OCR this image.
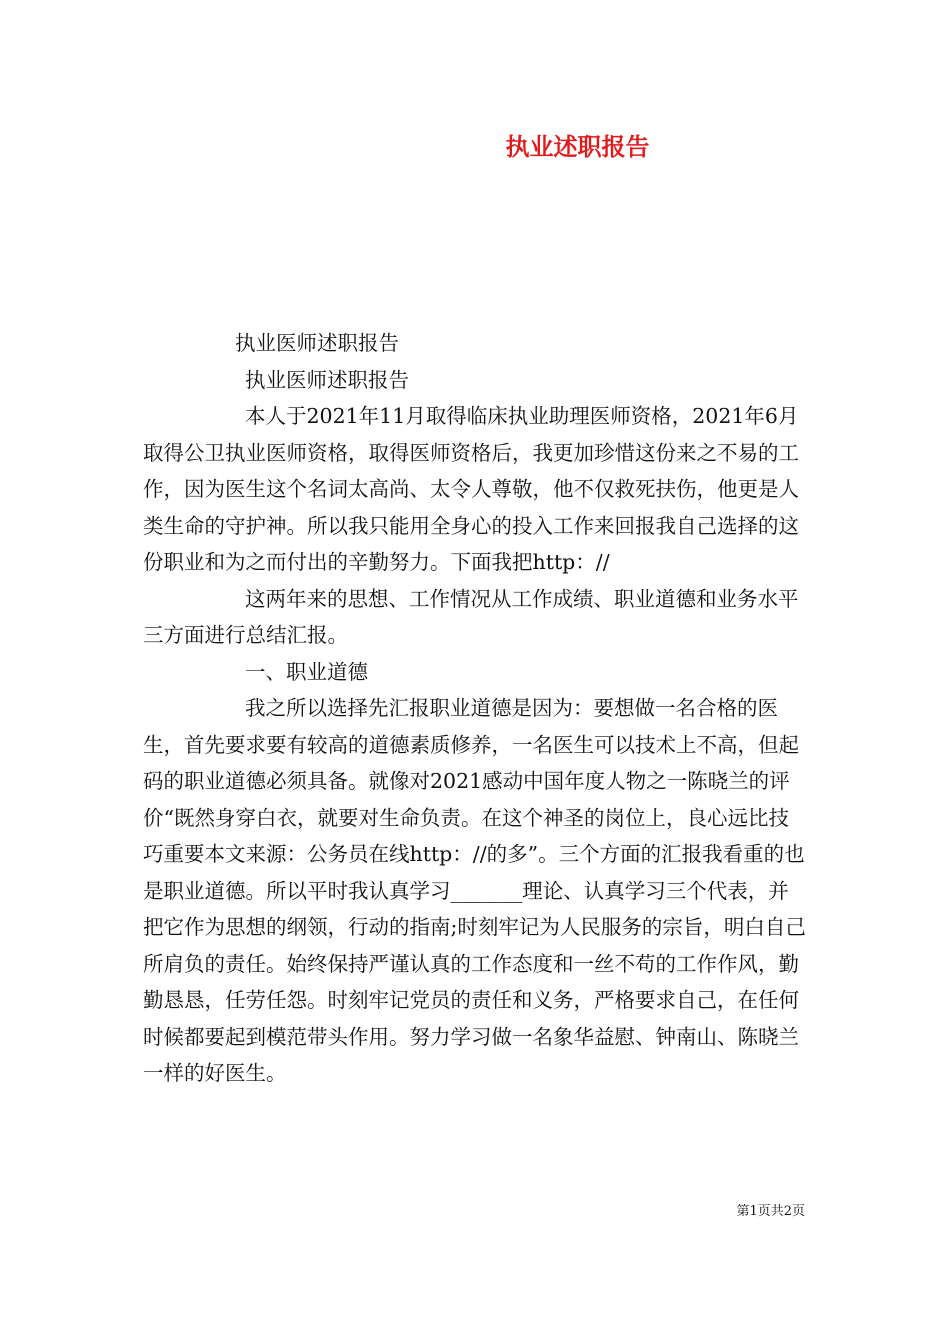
执业述职报告

执业医师述职报告

执业医师述职报告

本人于2021年11月取得临床执业助理医师资格，2021年6月取得公卫执业医师资格，取得医师资格后，我更加珍惜这份来之不易的工作，因为医生这个名词太高尚、太令人尊敬，他不仅救死扶伤，他更是人类生命的守护神。所以我只能用全身心的投入工作来回报我自己选择的这份职业和为之而付出的辛勤努力。下面我把http：//

这两年来的思想、工作情况从工作成绩、职业道德和业务水平三方面进行总结汇报。

一、职业道德

我之所以选择先汇报职业道德是因为：要想做一名合格的医生，首先要求要有较高的道德素质修养，一名医生可以技术上不高，但起码的职业道德必须具备。就像对2021感动中国年度人物之一陈晓兰的评价“既然身穿白衣，就要对生命负责。在这个神圣的岗位上，良心远比技巧重要本文来源：公务员在线http：//的多”。三个方面的汇报我看重的也是职业道德。所以平时我认真学习_______理论、认真学习三个代表，并把它作为思想的纲领，行动的指南;时刻牢记为人民服务的宗旨，明白自己所肩负的责任。始终保持严谨认真的工作态度和一丝不苟的工作作风，勤勤恳恳，任劳任怨。时刻牢记党员的责任和义务，严格要求自己，在任何时候都要起到模范带头作用。努力学习做一名象华益慰、钟南山、陈晓兰一样的好医生。

第1页共2页
